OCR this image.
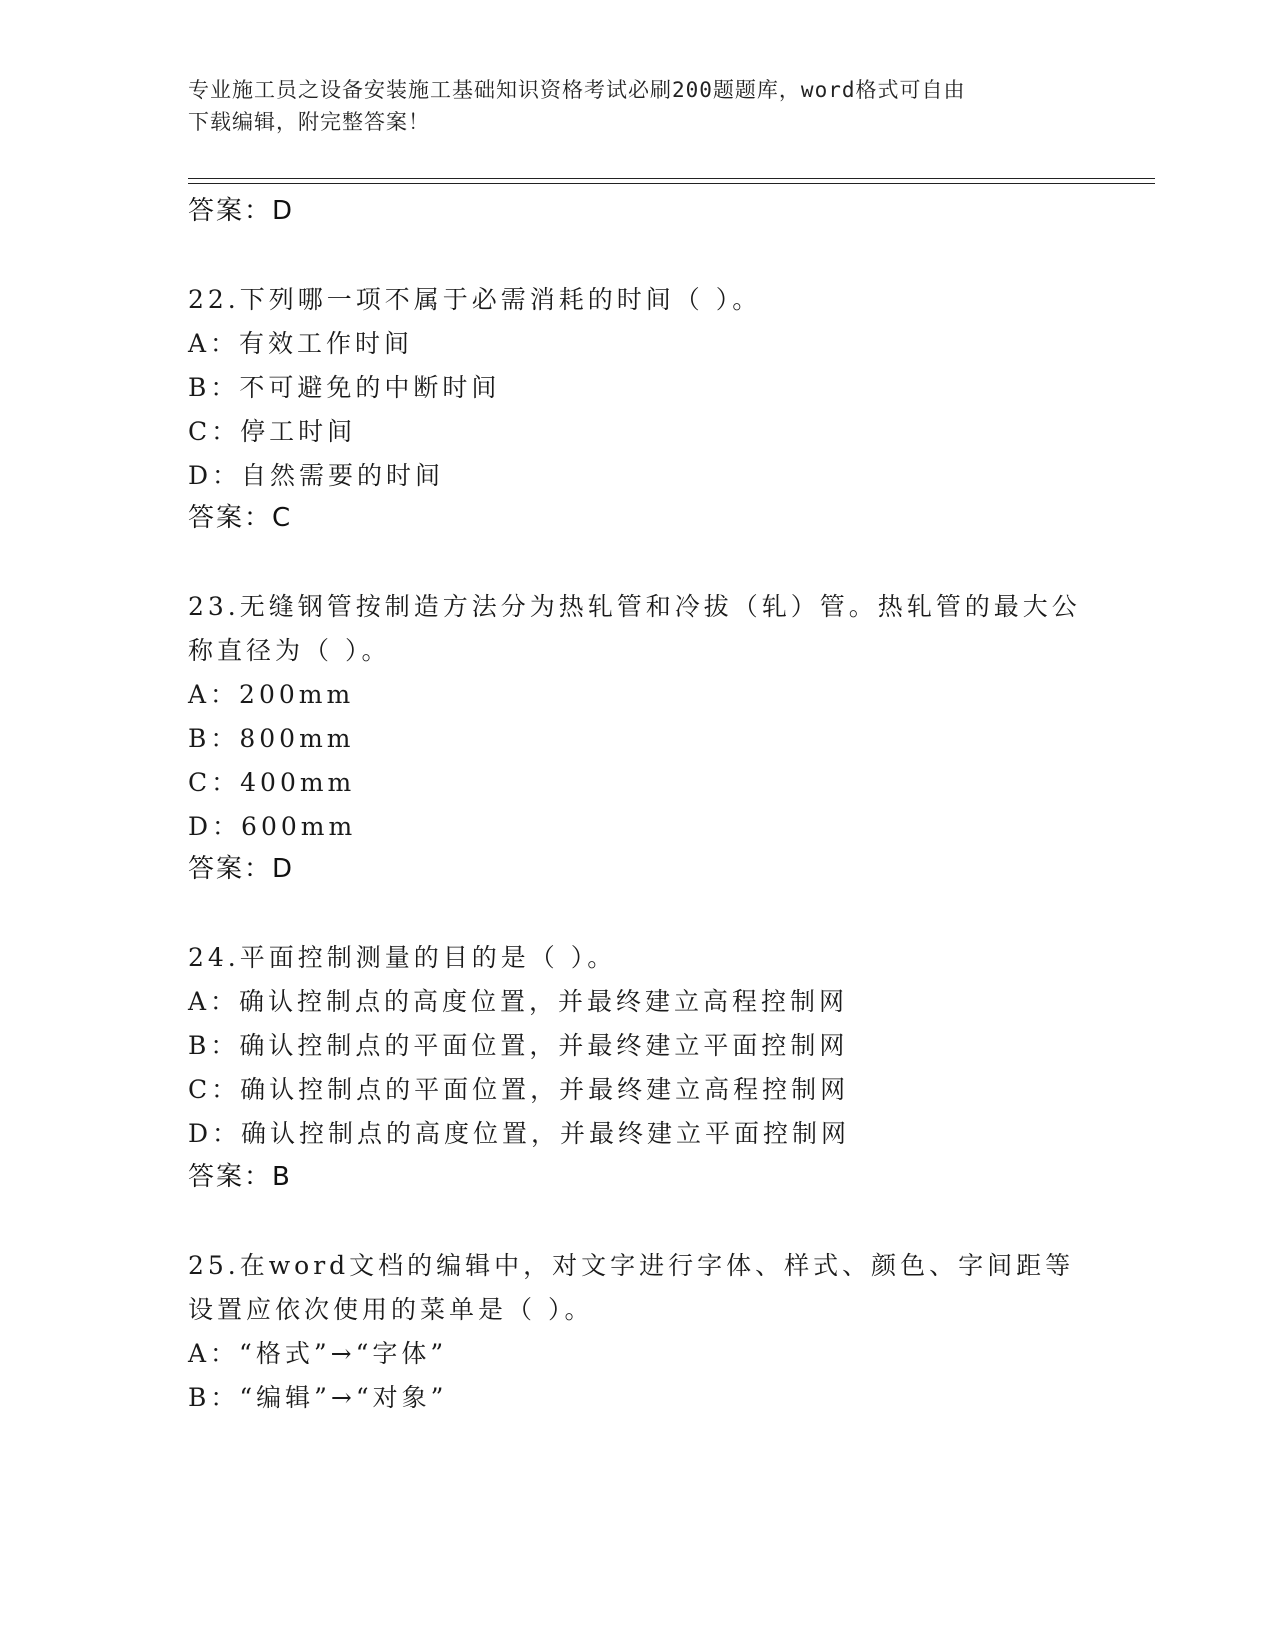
专业施工员之设备安装施工基础知识资格考试必刷200题题库，word格式可自由
下载编辑，附完整答案！
答案：D
22.下列哪一项不属于必需消耗的时间（ ）。
A：有效工作时间
B：不可避免的中断时间
C：停工时间
D：自然需要的时间
答案：C
23.无缝钢管按制造方法分为热轧管和冷拔（轧）管。热轧管的最大公
称直径为（ ）。
A：200mm
B：800mm
C：400mm
D：600mm
答案：D
24.平面控制测量的目的是（ ）。
A：确认控制点的高度位置，并最终建立高程控制网
B：确认控制点的平面位置，并最终建立平面控制网
C：确认控制点的平面位置，并最终建立高程控制网
D：确认控制点的高度位置，并最终建立平面控制网
答案：B
25.在word文档的编辑中，对文字进行字体、样式、颜色、字间距等
设置应依次使用的菜单是（ ）。
A：“格式”→“字体”
B：“编辑”→“对象”
